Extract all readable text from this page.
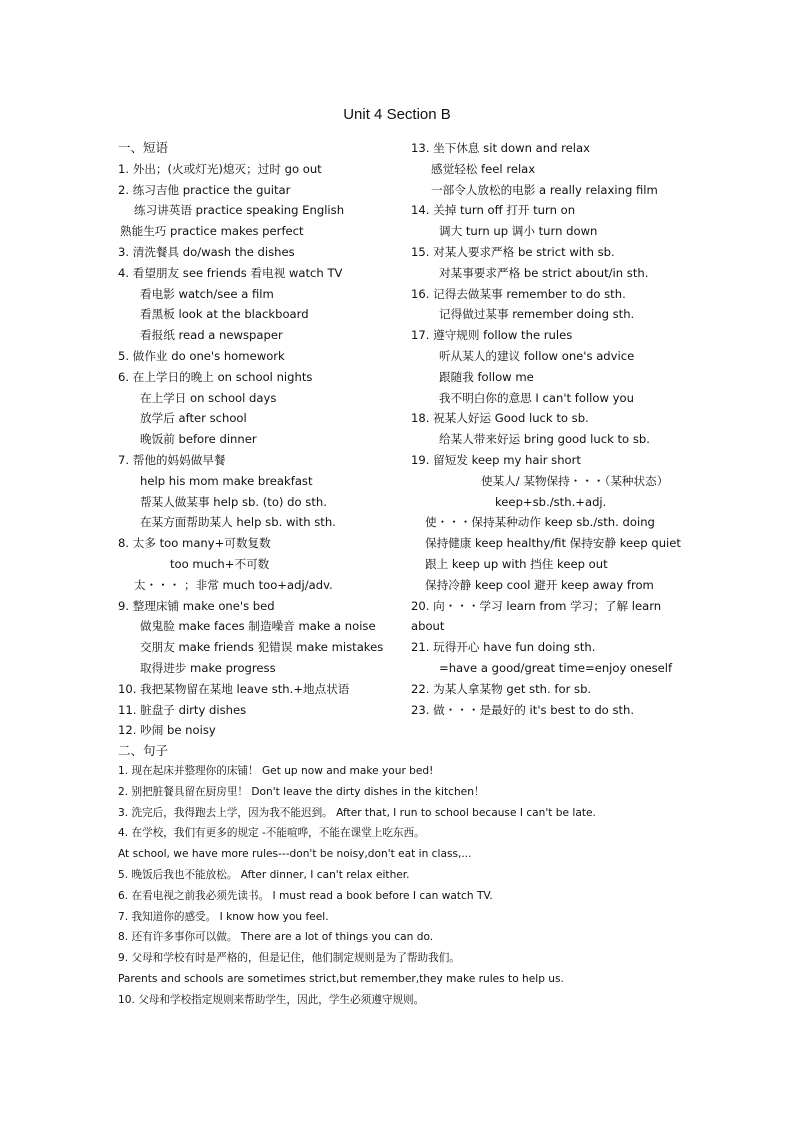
Unit 4 Section B
一、短语
1. 外出；(火或灯光)熄灭；过时 go out
2. 练习吉他 practice the guitar
练习讲英语 practice speaking English
熟能生巧 practice makes perfect
3. 清洗餐具 do/wash the dishes
4. 看望朋友 see friends 看电视 watch TV
看电影 watch/see a film
看黑板 look at the blackboard
看报纸 read a newspaper
5. 做作业 do one's homework
6. 在上学日的晚上 on school nights
在上学日 on school days
放学后 after school
晚饭前 before dinner
7. 帮他的妈妈做早餐
help his mom make breakfast
帮某人做某事 help sb. (to) do sth.
在某方面帮助某人 help sb. with sth.
8. 太多 too many+可数复数
too much+不可数
太・・・ ；非常 much too+adj/adv.
9. 整理床铺 make one's bed
做鬼脸 make faces 制造噪音 make a noise
交朋友 make friends 犯错误 make mistakes
取得进步 make progress
10. 我把某物留在某地 leave sth.+地点状语
11. 脏盘子 dirty dishes
12. 吵闹 be noisy
二、句子
13. 坐下休息 sit down and relax
感觉轻松 feel relax
一部令人放松的电影 a really relaxing film
14. 关掉 turn off 打开 turn on
调大 turn up 调小 turn down
15. 对某人要求严格 be strict with sb.
对某事要求严格 be strict about/in sth.
16. 记得去做某事 remember to do sth.
记得做过某事 remember doing sth.
17. 遵守规则 follow the rules
听从某人的建议 follow one's advice
跟随我 follow me
我不明白你的意思 I can't follow you
18. 祝某人好运 Good luck to sb.
给某人带来好运 bring good luck to sb.
19. 留短发 keep my hair short
使某人/ 某物保持・・・（某种状态）
keep+sb./sth.+adj.
使・・・保持某种动作 keep sb./sth. doing
保持健康 keep healthy/fit 保持安静 keep quiet
跟上 keep up with 挡住 keep out
保持冷静 keep cool 避开 keep away from
20. 向・・・学习 learn from 学习；了解 learn
about
21. 玩得开心 have fun doing sth.
=have a good/great time=enjoy oneself
22. 为某人拿某物 get sth. for sb.
23. 做・・・是最好的 it's best to do sth.
1. 现在起床并整理你的床铺！ Get up now and make your bed!
2. 别把脏餐具留在厨房里！ Don't leave the dirty dishes in the kitchen！
3. 洗完后，我得跑去上学，因为我不能迟到。 After that, I run to school because I can't be late.
4. 在学校，我们有更多的规定 -不能喧哗，不能在课堂上吃东西。
At school, we have more rules---don't be noisy,don't eat in class,...
5. 晚饭后我也不能放松。 After dinner, I can't relax either.
6. 在看电视之前我必须先读书。 I must read a book before I can watch TV.
7. 我知道你的感受。 I know how you feel.
8. 还有许多事你可以做。 There are a lot of things you can do.
9. 父母和学校有时是严格的，但是记住，他们制定规则是为了帮助我们。
Parents and schools are sometimes strict,but remember,they make rules to help us.
10. 父母和学校指定规则来帮助学生，因此，学生必须遵守规则。
